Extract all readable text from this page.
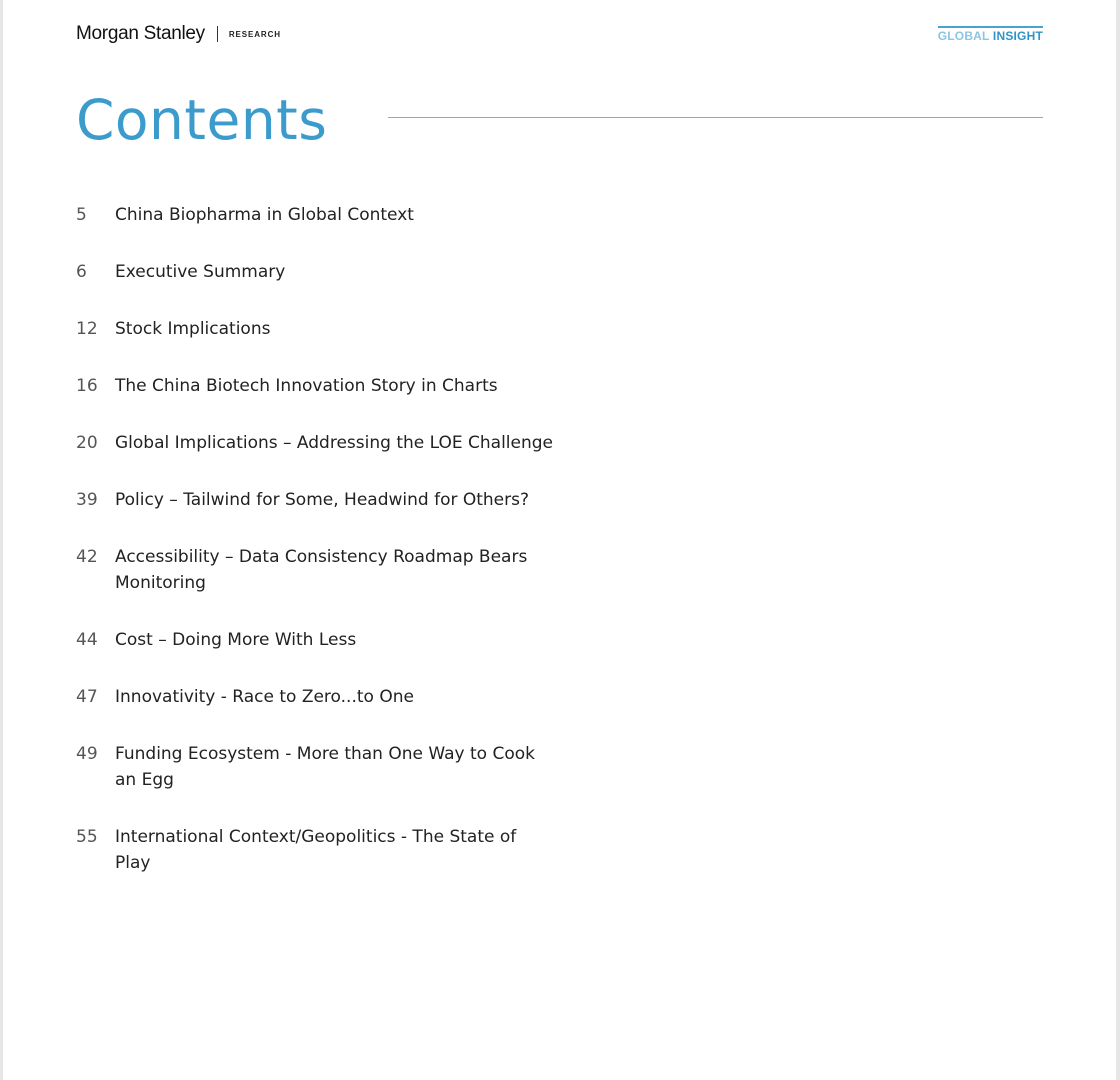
Morgan Stanley	RESEARCH	GLOBAL INSIGHT
Contents
5	China Biopharma in Global Context
6	Executive Summary
12	Stock Implications
16	The China Biotech Innovation Story in Charts
20	Global Implications – Addressing the LOE Challenge
39	Policy – Tailwind for Some, Headwind for Others?
42	Accessibility – Data Consistency Roadmap Bears Monitoring
44	Cost – Doing More With Less
47	Innovativity - Race to Zero...to One
49	Funding Ecosystem - More than One Way to Cook an Egg
55	International Context/Geopolitics - The State of Play
